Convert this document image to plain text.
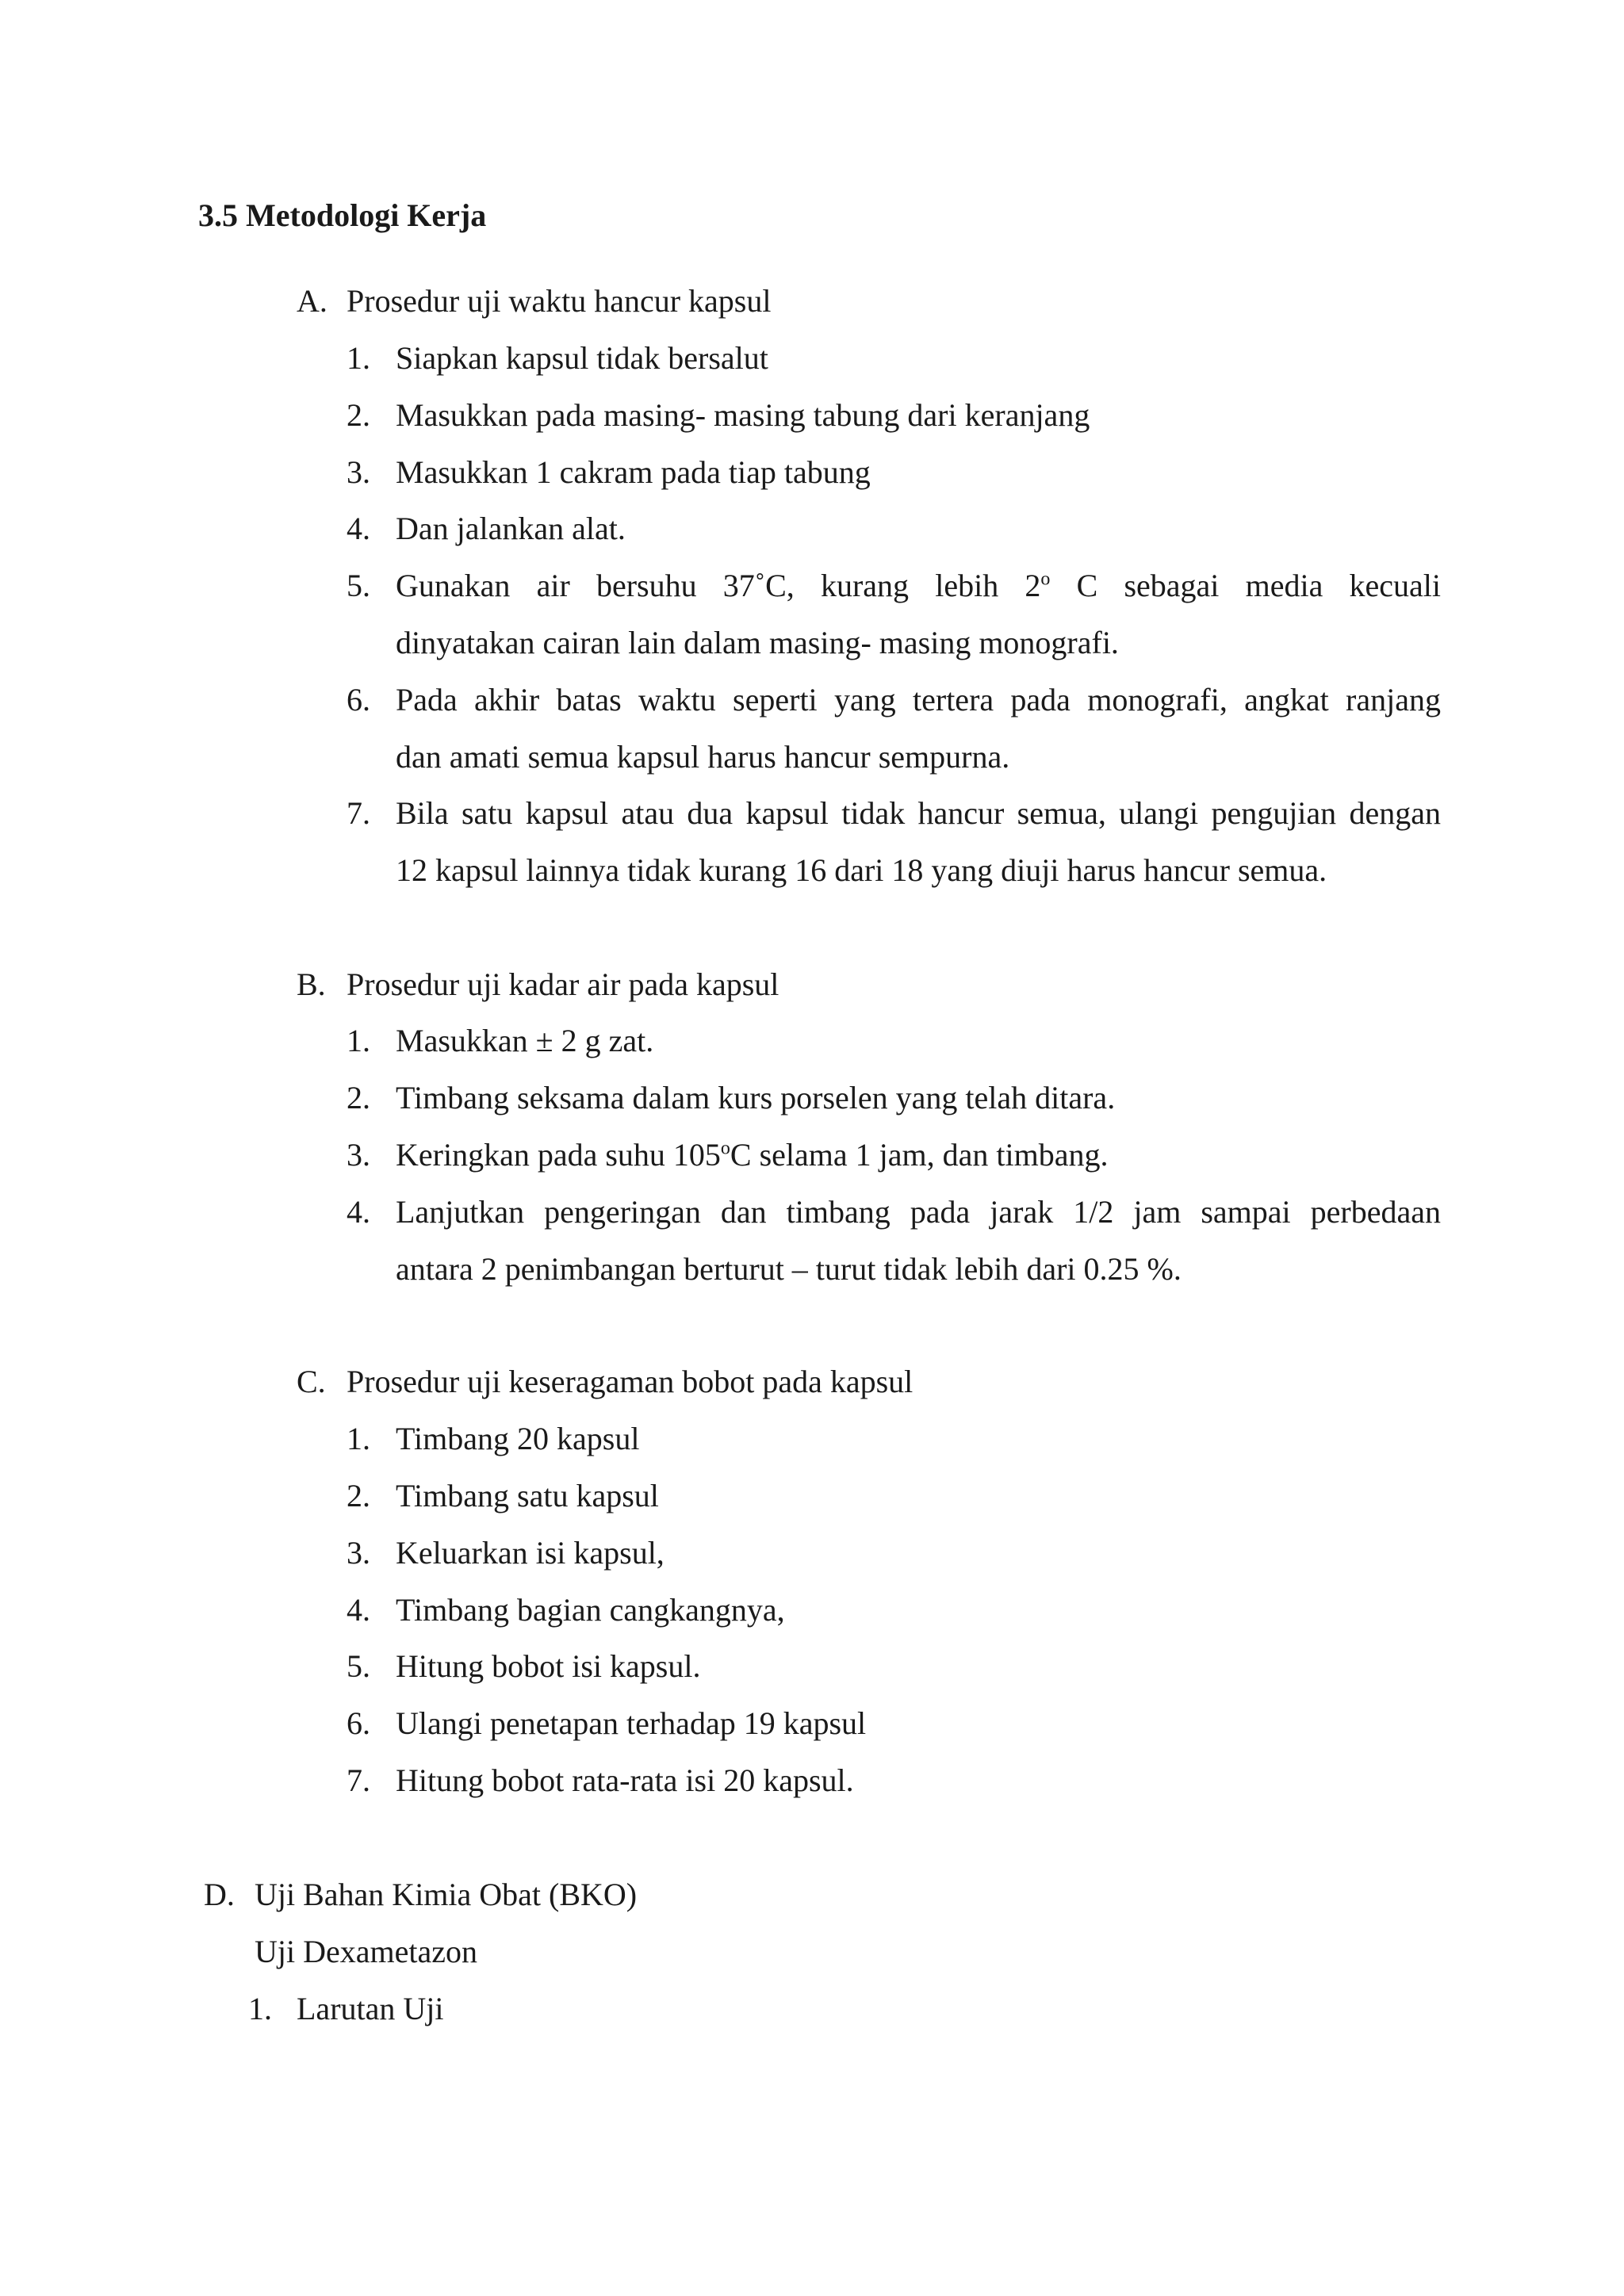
3.5 Metodologi Kerja
A. Prosedur uji waktu hancur kapsul
1. Siapkan kapsul tidak bersalut
2. Masukkan pada masing- masing tabung dari keranjang
3. Masukkan 1 cakram pada tiap tabung
4. Dan jalankan alat.
5. Gunakan air bersuhu 37˚C, kurang lebih 2$^o$ C sebagai media kecuali
dinyatakan cairan lain dalam masing- masing monografi.
6. Pada akhir batas waktu seperti yang tertera pada monografi, angkat ranjang
dan amati semua kapsul harus hancur sempurna.
7. Bila satu kapsul atau dua kapsul tidak hancur semua, ulangi pengujian dengan
12 kapsul lainnya tidak kurang 16 dari 18 yang diuji harus hancur semua.
B. Prosedur uji kadar air pada kapsul
1. Masukkan ± 2 g zat.
2. Timbang seksama dalam kurs porselen yang telah ditara.
3. Keringkan pada suhu 105$^o$C selama 1 jam, dan timbang.
4. Lanjutkan pengeringan dan timbang pada jarak 1/2 jam sampai perbedaan
antara 2 penimbangan berturut – turut tidak lebih dari 0.25 %.
C. Prosedur uji keseragaman bobot pada kapsul
1. Timbang 20 kapsul
2. Timbang satu kapsul
3. Keluarkan isi kapsul,
4. Timbang bagian cangkangnya,
5. Hitung bobot isi kapsul.
6. Ulangi penetapan terhadap 19 kapsul
7. Hitung bobot rata-rata isi 20 kapsul.
D. Uji Bahan Kimia Obat (BKO)
Uji Dexametazon
1. Larutan Uji
